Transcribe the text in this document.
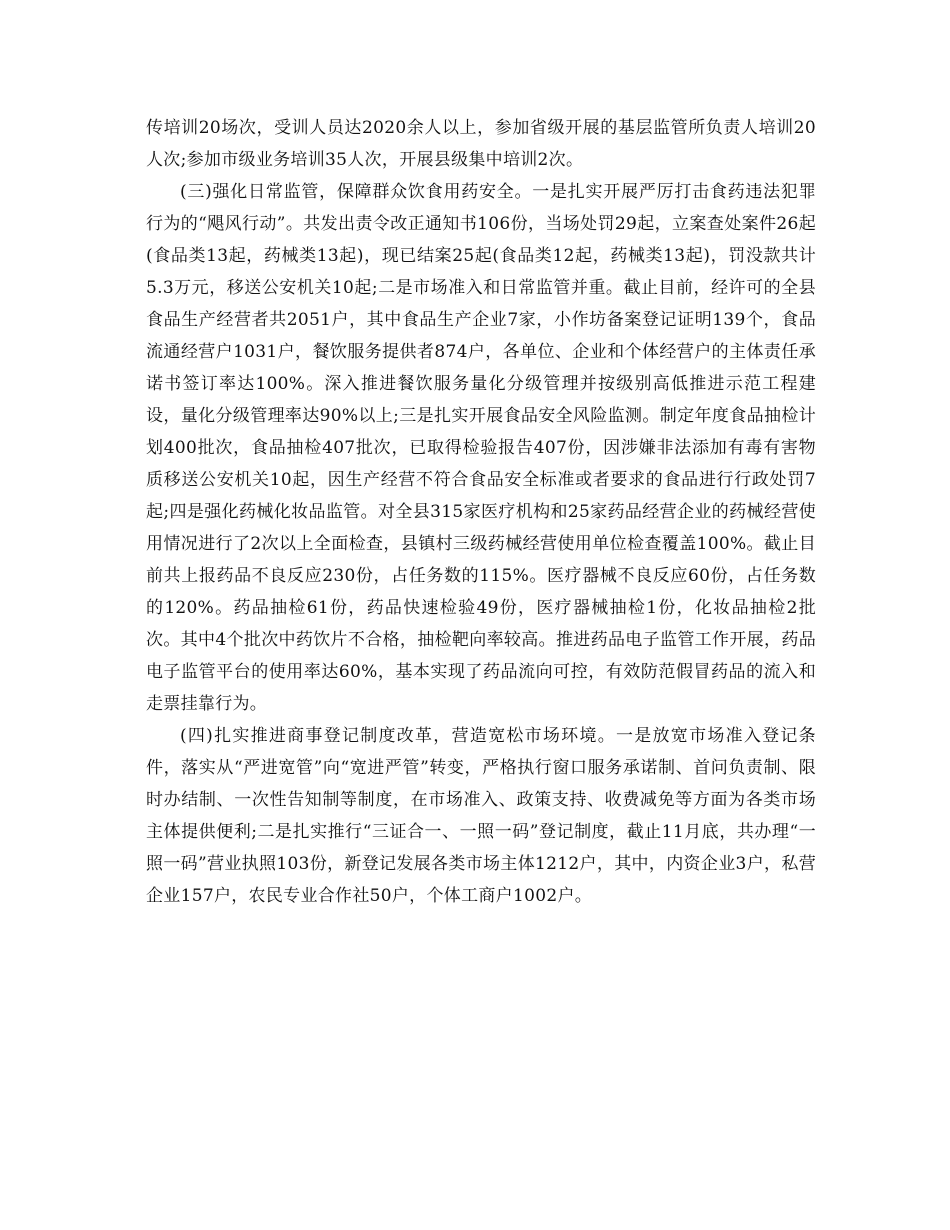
传培训20场次，受训人员达2020余人以上，参加省级开展的基层监管所负责人培训20人次;参加市级业务培训35人次，开展县级集中培训2次。

(三)强化日常监管，保障群众饮食用药安全。一是扎实开展严厉打击食药违法犯罪行为的“飓风行动”。共发出责令改正通知书106份，当场处罚29起，立案查处案件26起(食品类13起，药械类13起)，现已结案25起(食品类12起，药械类13起)，罚没款共计5.3万元，移送公安机关10起;二是市场准入和日常监管并重。截止目前，经许可的全县食品生产经营者共2051户，其中食品生产企业7家，小作坊备案登记证明139个，食品流通经营户1031户，餐饮服务提供者874户，各单位、企业和个体经营户的主体责任承诺书签订率达100%。深入推进餐饮服务量化分级管理并按级别高低推进示范工程建设，量化分级管理率达90%以上;三是扎实开展食品安全风险监测。制定年度食品抽检计划400批次，食品抽检407批次，已取得检验报告407份，因涉嫌非法添加有毒有害物质移送公安机关10起，因生产经营不符合食品安全标准或者要求的食品进行行政处罚7起;四是强化药械化妆品监管。对全县315家医疗机构和25家药品经营企业的药械经营使用情况进行了2次以上全面检查，县镇村三级药械经营使用单位检查覆盖100%。截止目前共上报药品不良反应230份，占任务数的115%。医疗器械不良反应60份，占任务数的120%。药品抽检61份，药品快速检验49份，医疗器械抽检1份，化妆品抽检2批次。其中4个批次中药饮片不合格，抽检靶向率较高。推进药品电子监管工作开展，药品电子监管平台的使用率达60%，基本实现了药品流向可控，有效防范假冒药品的流入和走票挂靠行为。

(四)扎实推进商事登记制度改革，营造宽松市场环境。一是放宽市场准入登记条件，落实从“严进宽管”向“宽进严管”转变，严格执行窗口服务承诺制、首问负责制、限时办结制、一次性告知制等制度，在市场准入、政策支持、收费减免等方面为各类市场主体提供便利;二是扎实推行“三证合一、一照一码”登记制度，截止11月底，共办理“一照一码”营业执照103份，新登记发展各类市场主体1212户，其中，内资企业3户，私营企业157户，农民专业合作社50户，个体工商户1002户。
